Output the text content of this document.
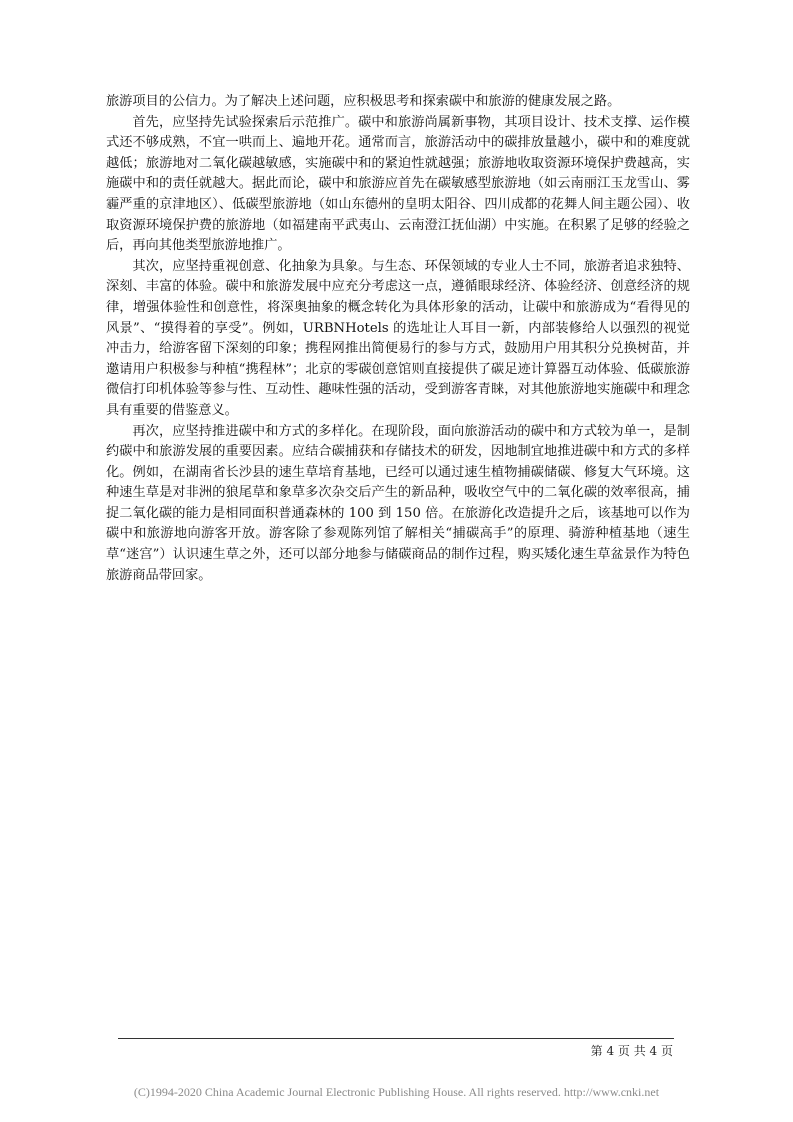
旅游项目的公信力。为了解决上述问题，应积极思考和探索碳中和旅游的健康发展之路。

首先，应坚持先试验探索后示范推广。碳中和旅游尚属新事物，其项目设计、技术支撑、运作模式还不够成熟，不宜一哄而上、遍地开花。通常而言，旅游活动中的碳排放量越小，碳中和的难度就越低；旅游地对二氧化碳越敏感，实施碳中和的紧迫性就越强；旅游地收取资源环境保护费越高，实施碳中和的责任就越大。据此而论，碳中和旅游应首先在碳敏感型旅游地（如云南丽江玉龙雪山、雾霾严重的京津地区）、低碳型旅游地（如山东德州的皇明太阳谷、四川成都的花舞人间主题公园）、收取资源环境保护费的旅游地（如福建南平武夷山、云南澄江抚仙湖）中实施。在积累了足够的经验之后，再向其他类型旅游地推广。

其次，应坚持重视创意、化抽象为具象。与生态、环保领域的专业人士不同，旅游者追求独特、深刻、丰富的体验。碳中和旅游发展中应充分考虑这一点，遵循眼球经济、体验经济、创意经济的规律，增强体验性和创意性，将深奥抽象的概念转化为具体形象的活动，让碳中和旅游成为“看得见的风景”、“摸得着的享受”。例如，URBNHotels 的选址让人耳目一新，内部装修给人以强烈的视觉冲击力，给游客留下深刻的印象；携程网推出简便易行的参与方式，鼓励用户用其积分兑换树苗，并邀请用户积极参与种植“携程林”；北京的零碳创意馆则直接提供了碳足迹计算器互动体验、低碳旅游微信打印机体验等参与性、互动性、趣味性强的活动，受到游客青睐，对其他旅游地实施碳中和理念具有重要的借鉴意义。

再次，应坚持推进碳中和方式的多样化。在现阶段，面向旅游活动的碳中和方式较为单一，是制约碳中和旅游发展的重要因素。应结合碳捕获和存储技术的研发，因地制宜地推进碳中和方式的多样化。例如，在湖南省长沙县的速生草培育基地，已经可以通过速生植物捕碳储碳、修复大气环境。这种速生草是对非洲的狼尾草和象草多次杂交后产生的新品种，吸收空气中的二氧化碳的效率很高，捕捉二氧化碳的能力是相同面积普通森林的 100 到 150 倍。在旅游化改造提升之后，该基地可以作为碳中和旅游地向游客开放。游客除了参观陈列馆了解相关“捕碳高手”的原理、骑游种植基地（速生草“迷宫”）认识速生草之外，还可以部分地参与储碳商品的制作过程，购买矮化速生草盆景作为特色旅游商品带回家。

第 4 页 共 4 页
(C)1994-2020 China Academic Journal Electronic Publishing House. All rights reserved. http://www.cnki.net
